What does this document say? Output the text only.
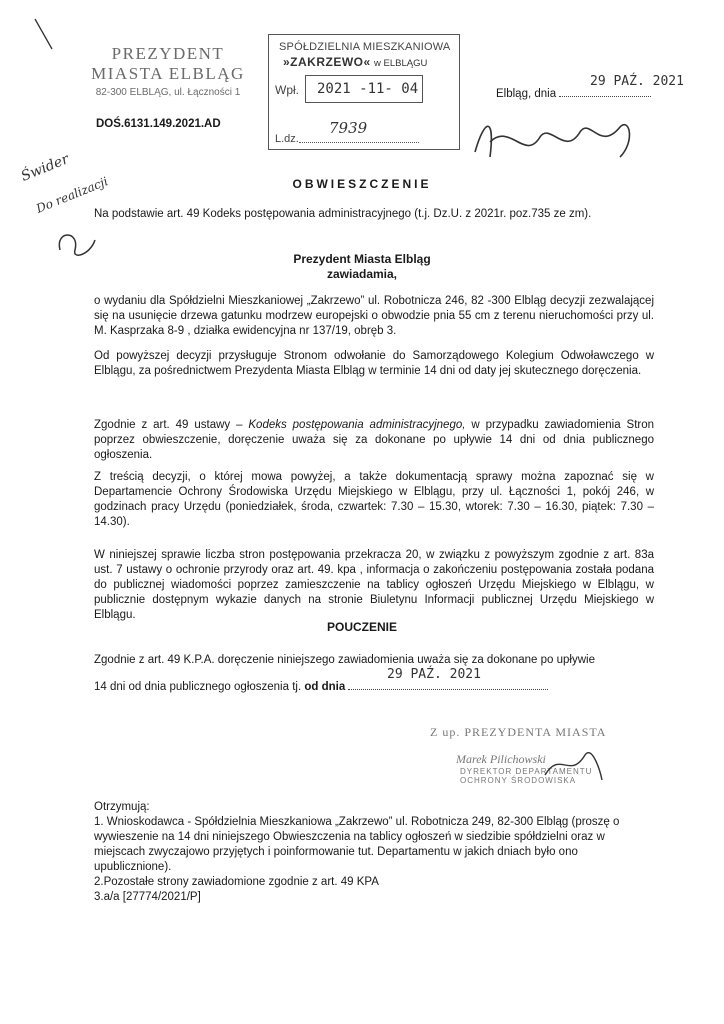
PREZYDENT
MIASTA ELBLĄG
82-300 ELBLĄG, ul. Łączności 1
DOŚ.6131.149.2021.AD
SPÓŁDZIELNIA MIESZKANIOWA
»ZAKRZEWO« w ELBLĄGU
Wpł. 2021 -11- 04
L.dz.
7939
Elbląg, dnia
29 PAŹ. 2021
Świder
Do realizacji	OBWIESZCZENIE
Na podstawie art. 49 Kodeks postępowania administracyjnego (t.j. Dz.U. z 2021r. poz.735 ze zm).
Prezydent Miasta Elbląg
zawiadamia,
o wydaniu dla Spółdzielni Mieszkaniowej „Zakrzewo” ul. Robotnicza 246, 82 -300 Elbląg decyzji zezwalającej się na usunięcie drzewa gatunku modrzew europejski o obwodzie pnia 55 cm z terenu nieruchomości przy ul. M. Kasprzaka 8-9 , działka ewidencyjna nr 137/19, obręb 3.
Od powyższej decyzji przysługuje Stronom odwołanie do Samorządowego Kolegium Odwoławczego w Elblągu, za pośrednictwem Prezydenta Miasta Elbląg w terminie 14 dni od daty jej skutecznego doręczenia.
Zgodnie z art. 49 ustawy – Kodeks postępowania administracyjnego, w przypadku zawiadomienia Stron poprzez obwieszczenie, doręczenie uważa się za dokonane po upływie 14 dni od dnia publicznego ogłoszenia.
Z treścią decyzji, o której mowa powyżej, a także dokumentacją sprawy można zapoznać się w Departamencie Ochrony Środowiska Urzędu Miejskiego w Elblągu, przy ul. Łączności 1, pokój 246, w godzinach pracy Urzędu (poniedziałek, środa, czwartek: 7.30 – 15.30, wtorek: 7.30 – 16.30, piątek: 7.30 – 14.30).
W niniejszej sprawie liczba stron postępowania przekracza 20, w związku z powyższym zgodnie z art. 83a ust. 7 ustawy o ochronie przyrody oraz art. 49. kpa , informacja o zakończeniu postępowania została podana do publicznej wiadomości poprzez zamieszczenie na tablicy ogłoszeń Urzędu Miejskiego w Elblągu, w publicznie dostępnym wykazie danych na stronie Biuletynu Informacji publicznej Urzędu Miejskiego w Elblągu.
POUCZENIE
Zgodnie z art. 49 K.P.A. doręczenie niniejszego zawiadomienia uważa się za dokonane po upływie
14 dni od dnia publicznego ogłoszenia tj. od dnia
29 PAŹ. 2021
Z up. PREZYDENTA MIASTA
Marek Pilichowski
DYREKTOR DEPARTAMENTU
OCHRONY ŚRODOWISKA

Otrzymują:

1. Wnioskodawca - Spółdzielnia Mieszkaniowa „Zakrzewo” ul. Robotnicza 249, 82-300 Elbląg (proszę o wywieszenie na 14 dni niniejszego Obwieszczenia na tablicy ogłoszeń w siedzibie spółdzielni oraz w miejscach zwyczajowo przyjętych i poinformowanie tut. Departamentu w jakich dniach było ono upublicznione).

2.Pozostałe strony zawiadomione zgodnie z art. 49 KPA

3.a/a [27774/2021/P]
